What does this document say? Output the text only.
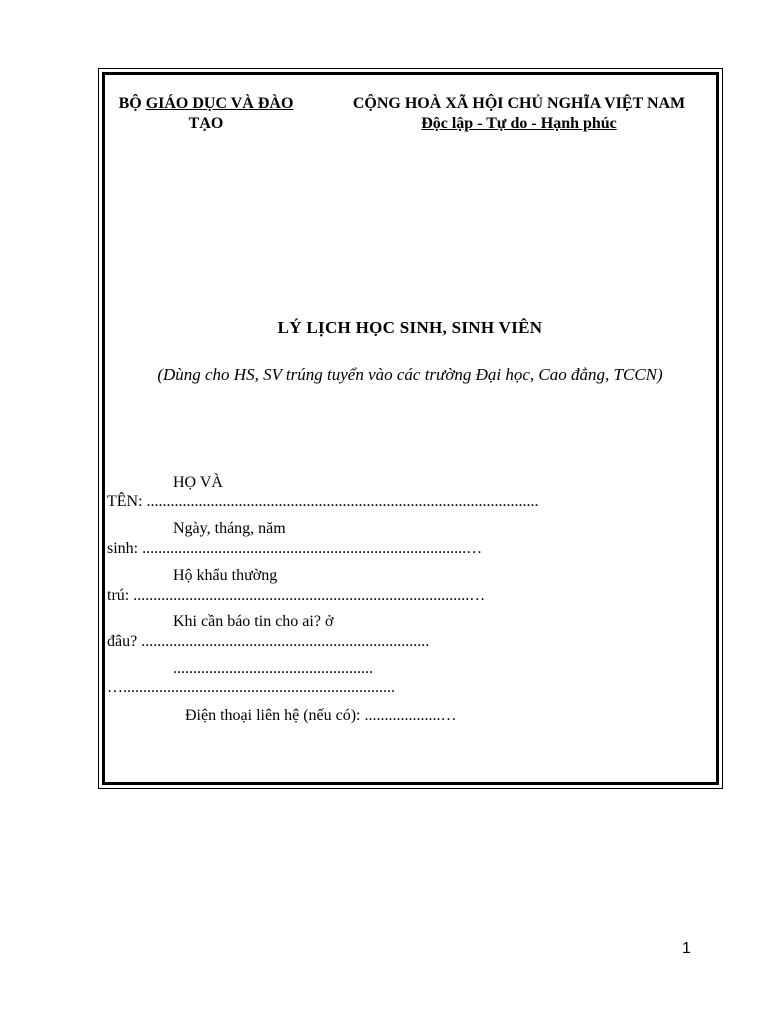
BỘ GIÁO DỤC VÀ ĐÀO
TẠO
CỘNG HOÀ XÃ HỘI CHỦ NGHĨA VIỆT NAM
Độc lập - Tự do - Hạnh phúc
LÝ LỊCH HỌC SINH, SINH VIÊN
(Dùng cho HS, SV trúng tuyển vào các trường Đại học, Cao đẳng, TCCN)
HỌ VÀ
TÊN: ..................................................................................................
Ngày, tháng, năm
sinh: .................................................................................…
Hộ khẩu thường
trú: ....................................................................................…
Khi cần báo tin cho ai? ở
đâu? ........................................................................
..................................................
…....................................................................
Điện thoại liên hệ (nếu có): ...................…
1
